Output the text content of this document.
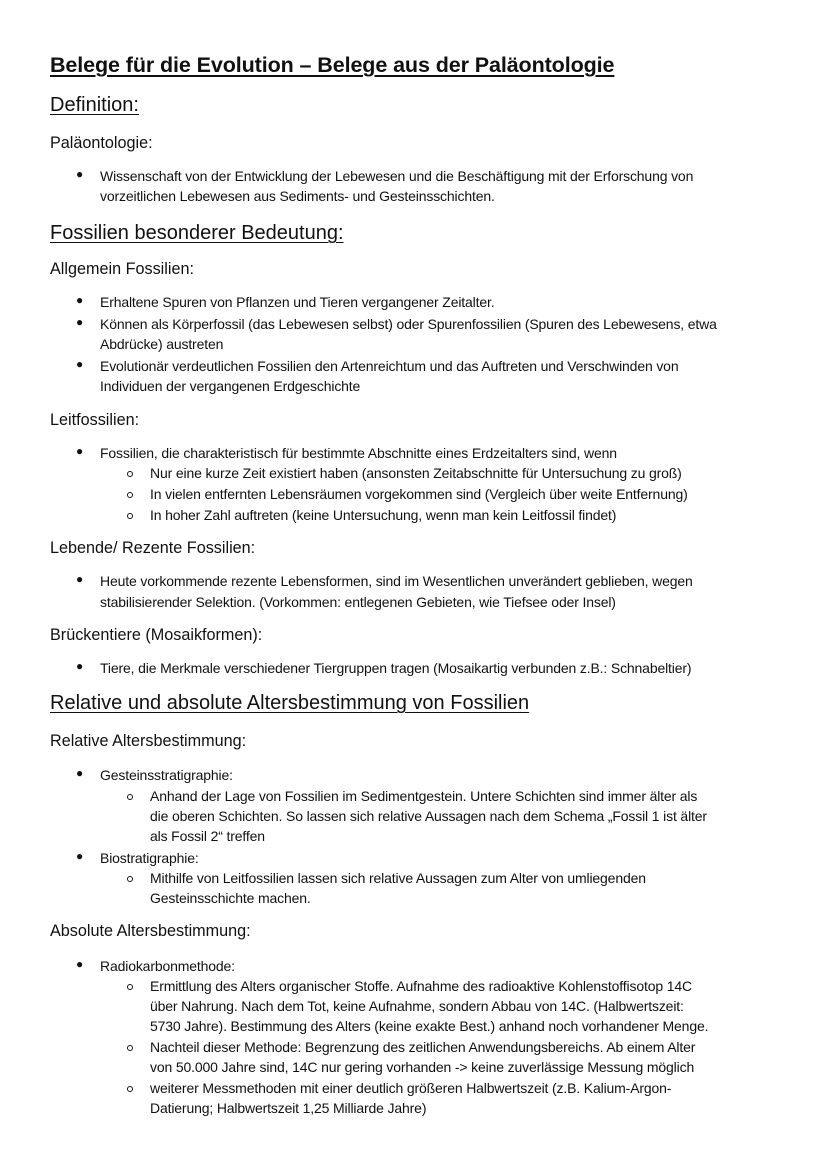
Belege für die Evolution – Belege aus der Paläontologie
Definition:
Paläontologie:
● Wissenschaft von der Entwicklung der Lebewesen und die Beschäftigung mit der Erforschung von
vorzeitlichen Lebewesen aus Sediments- und Gesteinsschichten.
Fossilien besonderer Bedeutung:
Allgemein Fossilien:
● Erhaltene Spuren von Pflanzen und Tieren vergangener Zeitalter.
● Können als Körperfossil (das Lebewesen selbst) oder Spurenfossilien (Spuren des Lebewesens, etwa
Abdrücke) austreten
● Evolutionär verdeutlichen Fossilien den Artenreichtum und das Auftreten und Verschwinden von
Individuen der vergangenen Erdgeschichte
Leitfossilien:
● Fossilien, die charakteristisch für bestimmte Abschnitte eines Erdzeitalters sind, wenn
Nur eine kurze Zeit existiert haben (ansonsten Zeitabschnitte für Untersuchung zu groß)
In vielen entfernten Lebensräumen vorgekommen sind (Vergleich über weite Entfernung)
In hoher Zahl auftreten (keine Untersuchung, wenn man kein Leitfossil findet)
Lebende/ Rezente Fossilien:
● Heute vorkommende rezente Lebensformen, sind im Wesentlichen unverändert geblieben, wegen
stabilisierender Selektion. (Vorkommen: entlegenen Gebieten, wie Tiefsee oder Insel)
Brückentiere (Mosaikformen):
● Tiere, die Merkmale verschiedener Tiergruppen tragen (Mosaikartig verbunden z.B.: Schnabeltier)
Relative und absolute Altersbestimmung von Fossilien
Relative Altersbestimmung:
● Gesteinsstratigraphie:
Anhand der Lage von Fossilien im Sedimentgestein. Untere Schichten sind immer älter als
die oberen Schichten. So lassen sich relative Aussagen nach dem Schema „Fossil 1 ist älter
als Fossil 2“ treffen
● Biostratigraphie:
Mithilfe von Leitfossilien lassen sich relative Aussagen zum Alter von umliegenden
Gesteinsschichte machen.
Absolute Altersbestimmung:
● Radiokarbonmethode:
Ermittlung des Alters organischer Stoffe. Aufnahme des radioaktive Kohlenstoffisotop 14C
über Nahrung. Nach dem Tot, keine Aufnahme, sondern Abbau von 14C. (Halbwertszeit:
5730 Jahre). Bestimmung des Alters (keine exakte Best.) anhand noch vorhandener Menge.
Nachteil dieser Methode: Begrenzung des zeitlichen Anwendungsbereichs. Ab einem Alter
von 50.000 Jahre sind, 14C nur gering vorhanden -> keine zuverlässige Messung möglich
weiterer Messmethoden mit einer deutlich größeren Halbwertszeit (z.B. Kalium-Argon-
Datierung; Halbwertszeit 1,25 Milliarde Jahre)
